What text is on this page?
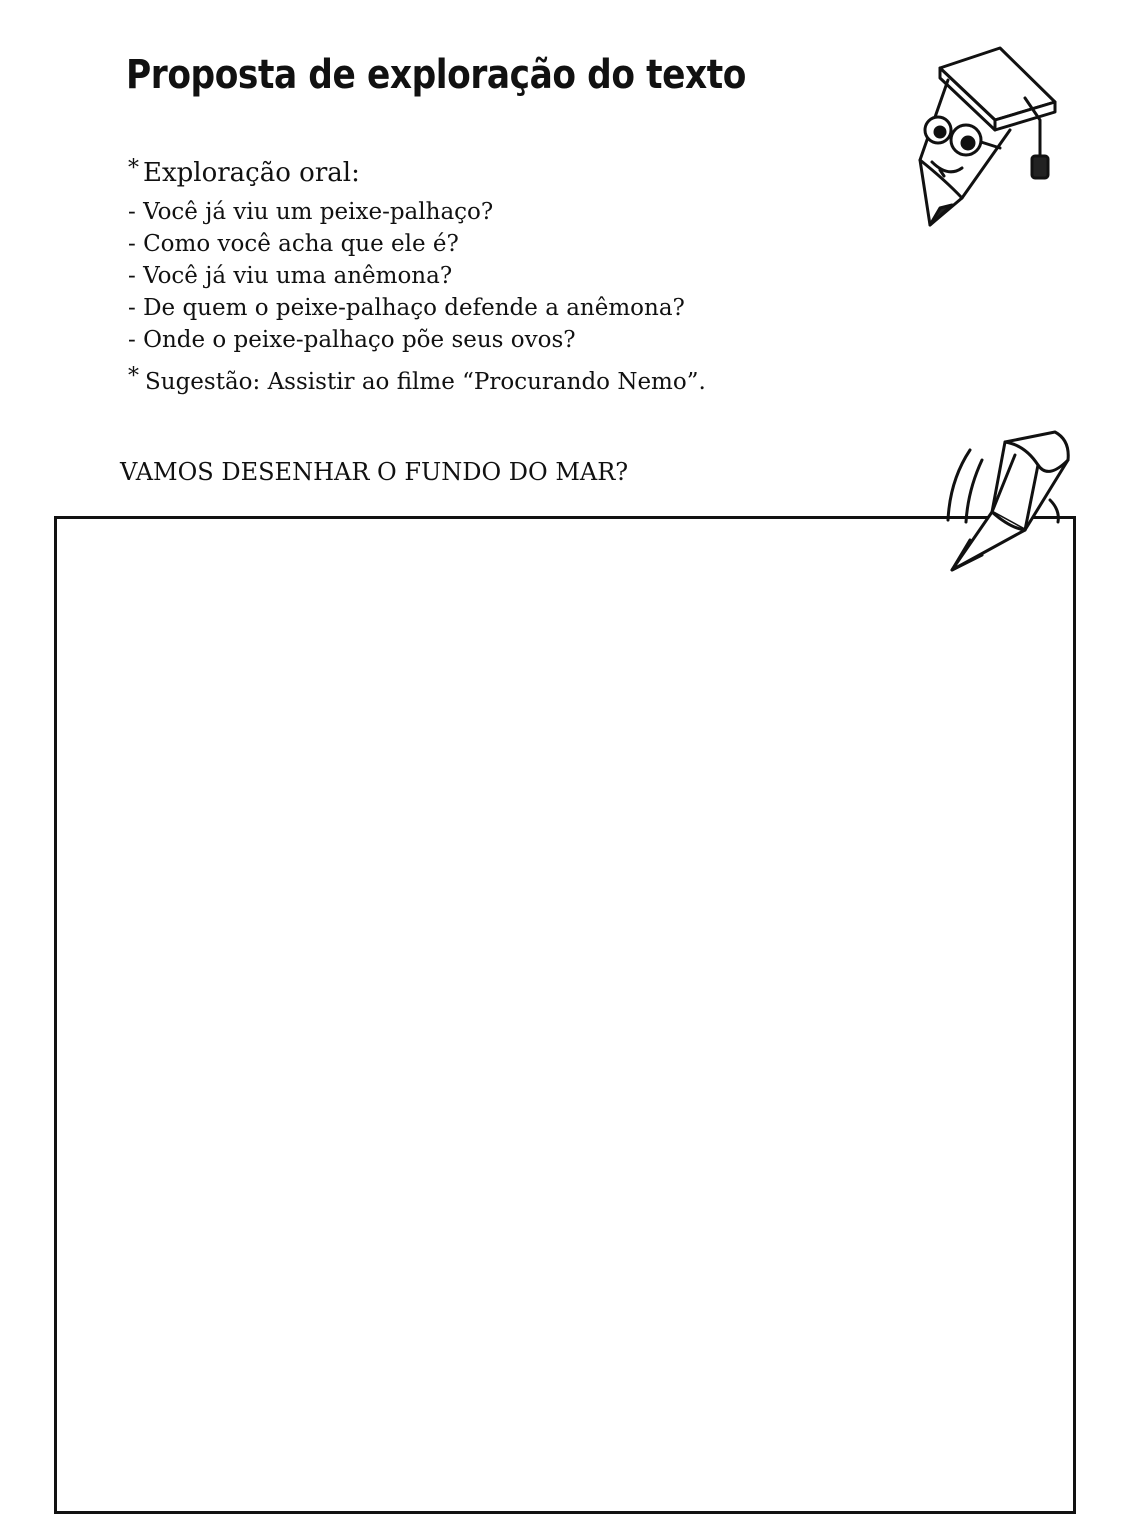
Proposta de exploração do texto
* Exploração oral:
- Você já viu um peixe-palhaço?
- Como você acha que ele é?
- Você já viu uma anêmona?
- De quem o peixe-palhaço defende a anêmona?
- Onde o peixe-palhaço põe seus ovos?
* Sugestão: Assistir ao filme “Procurando Nemo”.
VAMOS DESENHAR O FUNDO DO MAR?
